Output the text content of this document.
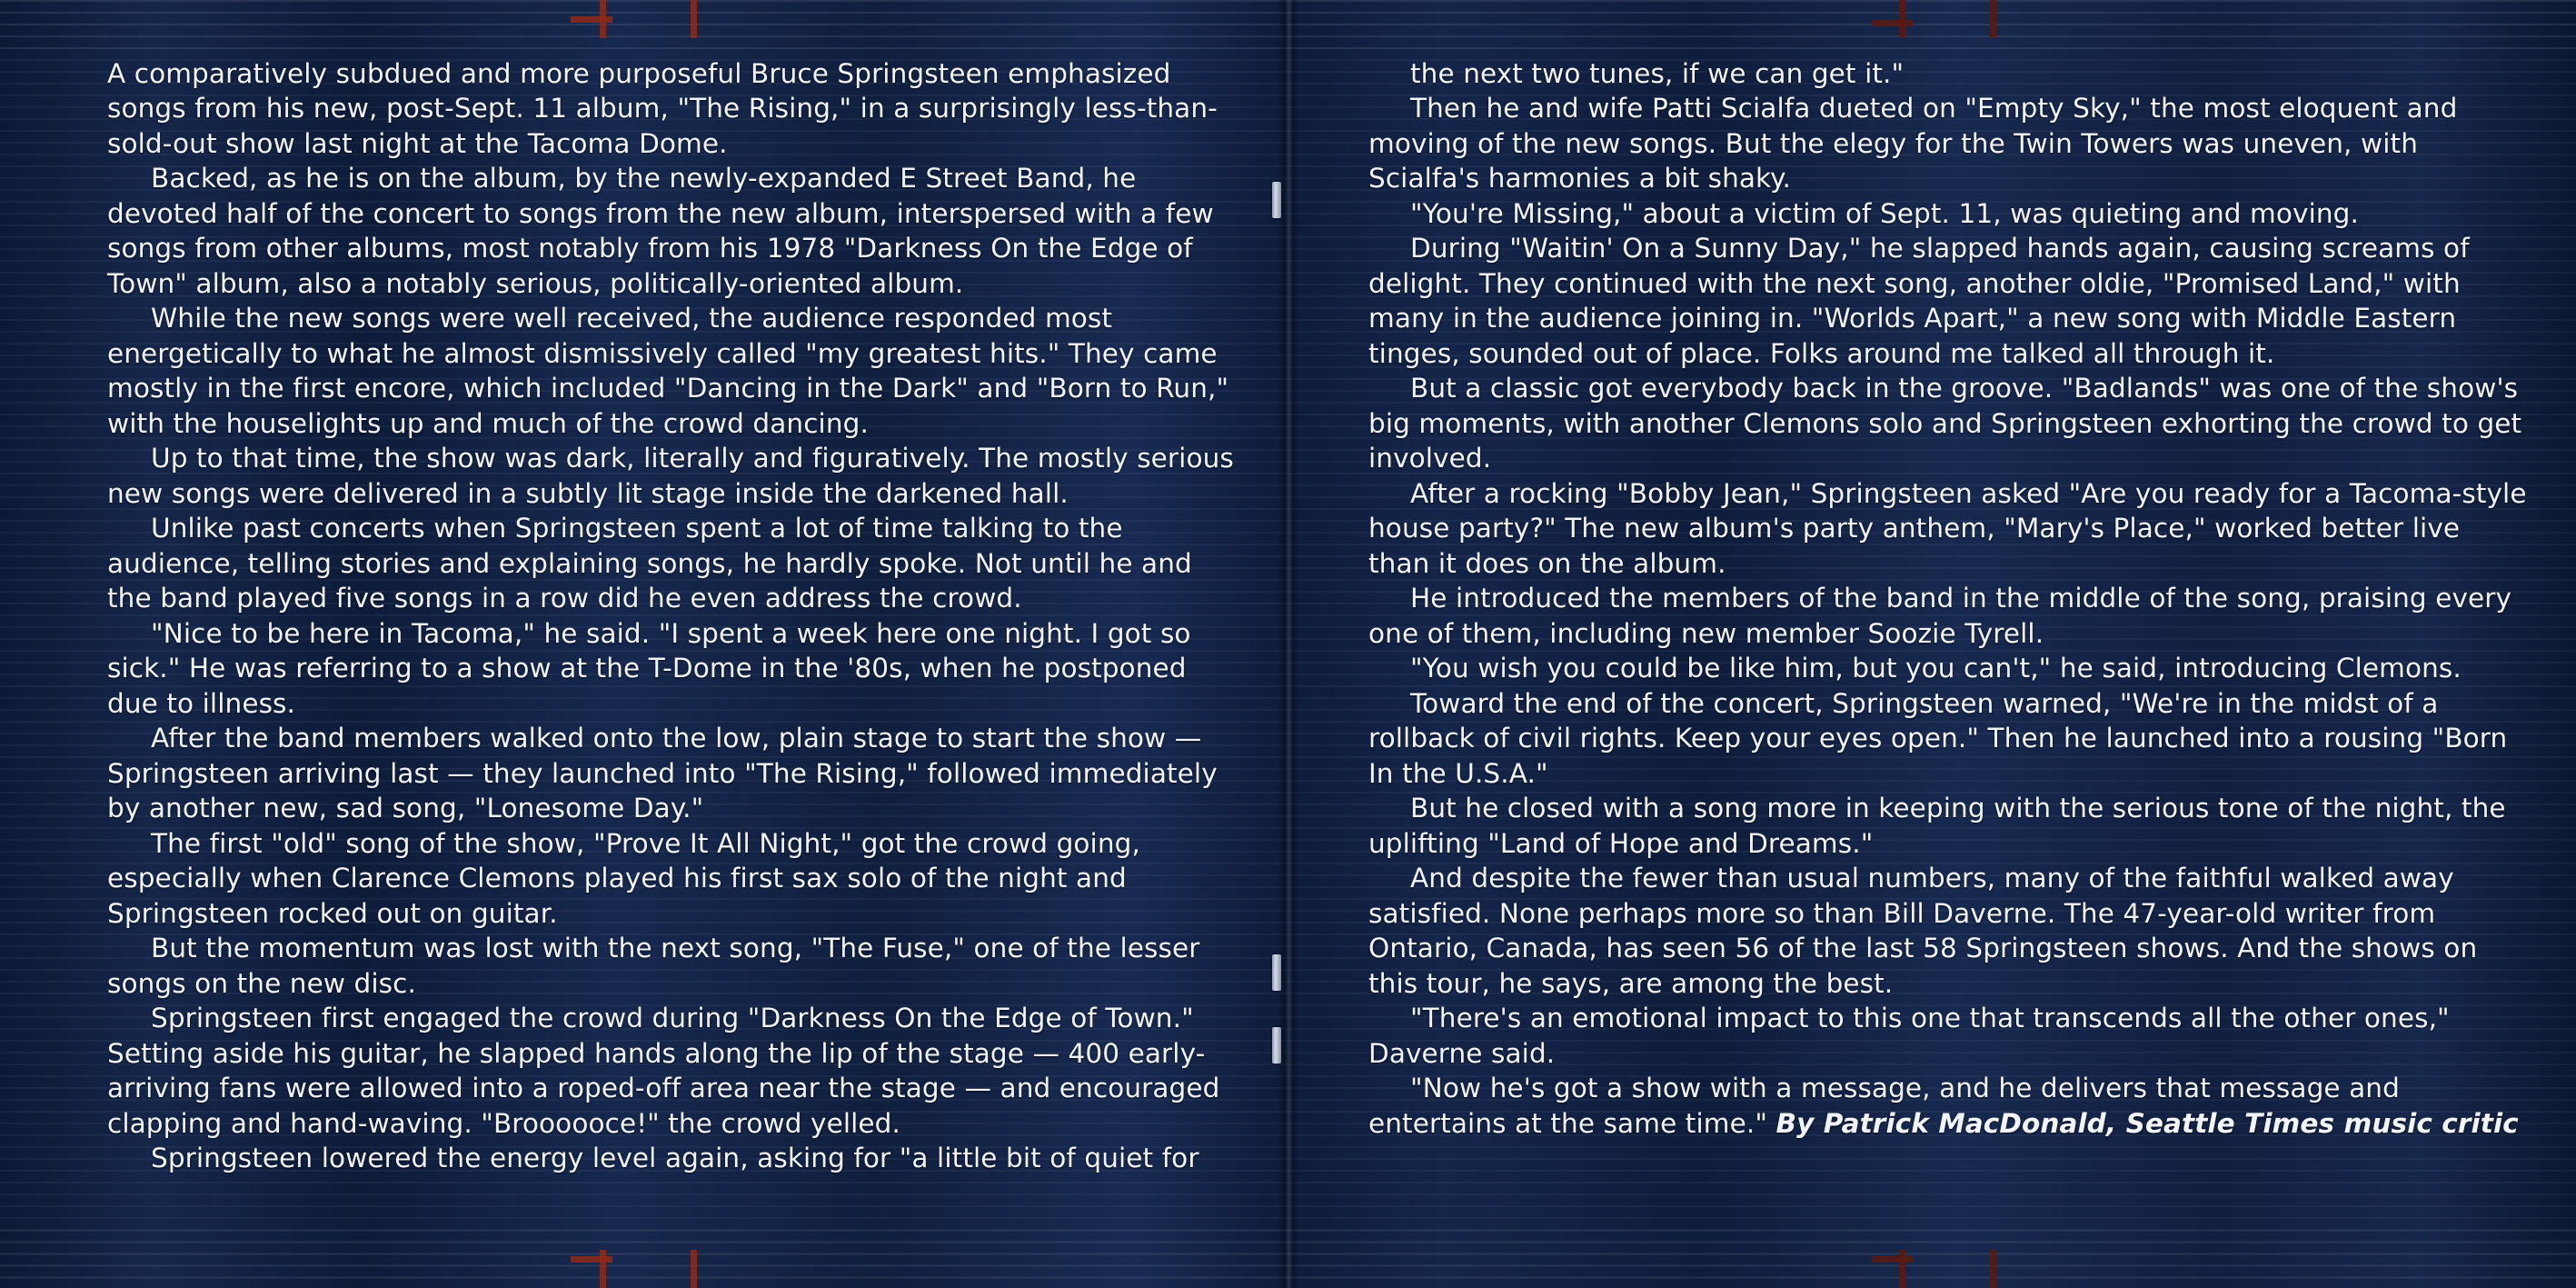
A comparatively subdued and more purposeful Bruce Springsteen emphasized songs from his new, post-Sept. 11 album, "The Rising," in a surprisingly less-than-sold-out show last night at the Tacoma Dome.

Backed, as he is on the album, by the newly-expanded E Street Band, he devoted half of the concert to songs from the new album, interspersed with a few songs from other albums, most notably from his 1978 "Darkness On the Edge of Town" album, also a notably serious, politically-oriented album.

While the new songs were well received, the audience responded most energetically to what he almost dismissively called "my greatest hits." They came mostly in the first encore, which included "Dancing in the Dark" and "Born to Run," with the houselights up and much of the crowd dancing.

Up to that time, the show was dark, literally and figuratively. The mostly serious new songs were delivered in a subtly lit stage inside the darkened hall.

Unlike past concerts when Springsteen spent a lot of time talking to the audience, telling stories and explaining songs, he hardly spoke. Not until he and the band played five songs in a row did he even address the crowd.

"Nice to be here in Tacoma," he said. "I spent a week here one night. I got so sick." He was referring to a show at the T-Dome in the '80s, when he postponed due to illness.

After the band members walked onto the low, plain stage to start the show — Springsteen arriving last — they launched into "The Rising," followed immediately by another new, sad song, "Lonesome Day."

The first "old" song of the show, "Prove It All Night," got the crowd going, especially when Clarence Clemons played his first sax solo of the night and Springsteen rocked out on guitar.

But the momentum was lost with the next song, "The Fuse," one of the lesser songs on the new disc.

Springsteen first engaged the crowd during "Darkness On the Edge of Town." Setting aside his guitar, he slapped hands along the lip of the stage — 400 early-arriving fans were allowed into a roped-off area near the stage — and encouraged clapping and hand-waving. "Broooooce!" the crowd yelled.

Springsteen lowered the energy level again, asking for "a little bit of quiet for

the next two tunes, if we can get it."

Then he and wife Patti Scialfa dueted on "Empty Sky," the most eloquent and moving of the new songs. But the elegy for the Twin Towers was uneven, with Scialfa's harmonies a bit shaky.

"You're Missing," about a victim of Sept. 11, was quieting and moving.

During "Waitin' On a Sunny Day," he slapped hands again, causing screams of delight. They continued with the next song, another oldie, "Promised Land," with many in the audience joining in. "Worlds Apart," a new song with Middle Eastern tinges, sounded out of place. Folks around me talked all through it.

But a classic got everybody back in the groove. "Badlands" was one of the show's big moments, with another Clemons solo and Springsteen exhorting the crowd to get involved.

After a rocking "Bobby Jean," Springsteen asked "Are you ready for a Tacoma-style house party?" The new album's party anthem, "Mary's Place," worked better live than it does on the album.

He introduced the members of the band in the middle of the song, praising every one of them, including new member Soozie Tyrell.

"You wish you could be like him, but you can't," he said, introducing Clemons.

Toward the end of the concert, Springsteen warned, "We're in the midst of a rollback of civil rights. Keep your eyes open." Then he launched into a rousing "Born In the U.S.A."

But he closed with a song more in keeping with the serious tone of the night, the uplifting "Land of Hope and Dreams."

And despite the fewer than usual numbers, many of the faithful walked away satisfied. None perhaps more so than Bill Daverne. The 47-year-old writer from Ontario, Canada, has seen 56 of the last 58 Springsteen shows. And the shows on this tour, he says, are among the best.

"There's an emotional impact to this one that transcends all the other ones," Daverne said.

"Now he's got a show with a message, and he delivers that message and entertains at the same time." By Patrick MacDonald, Seattle Times music critic
